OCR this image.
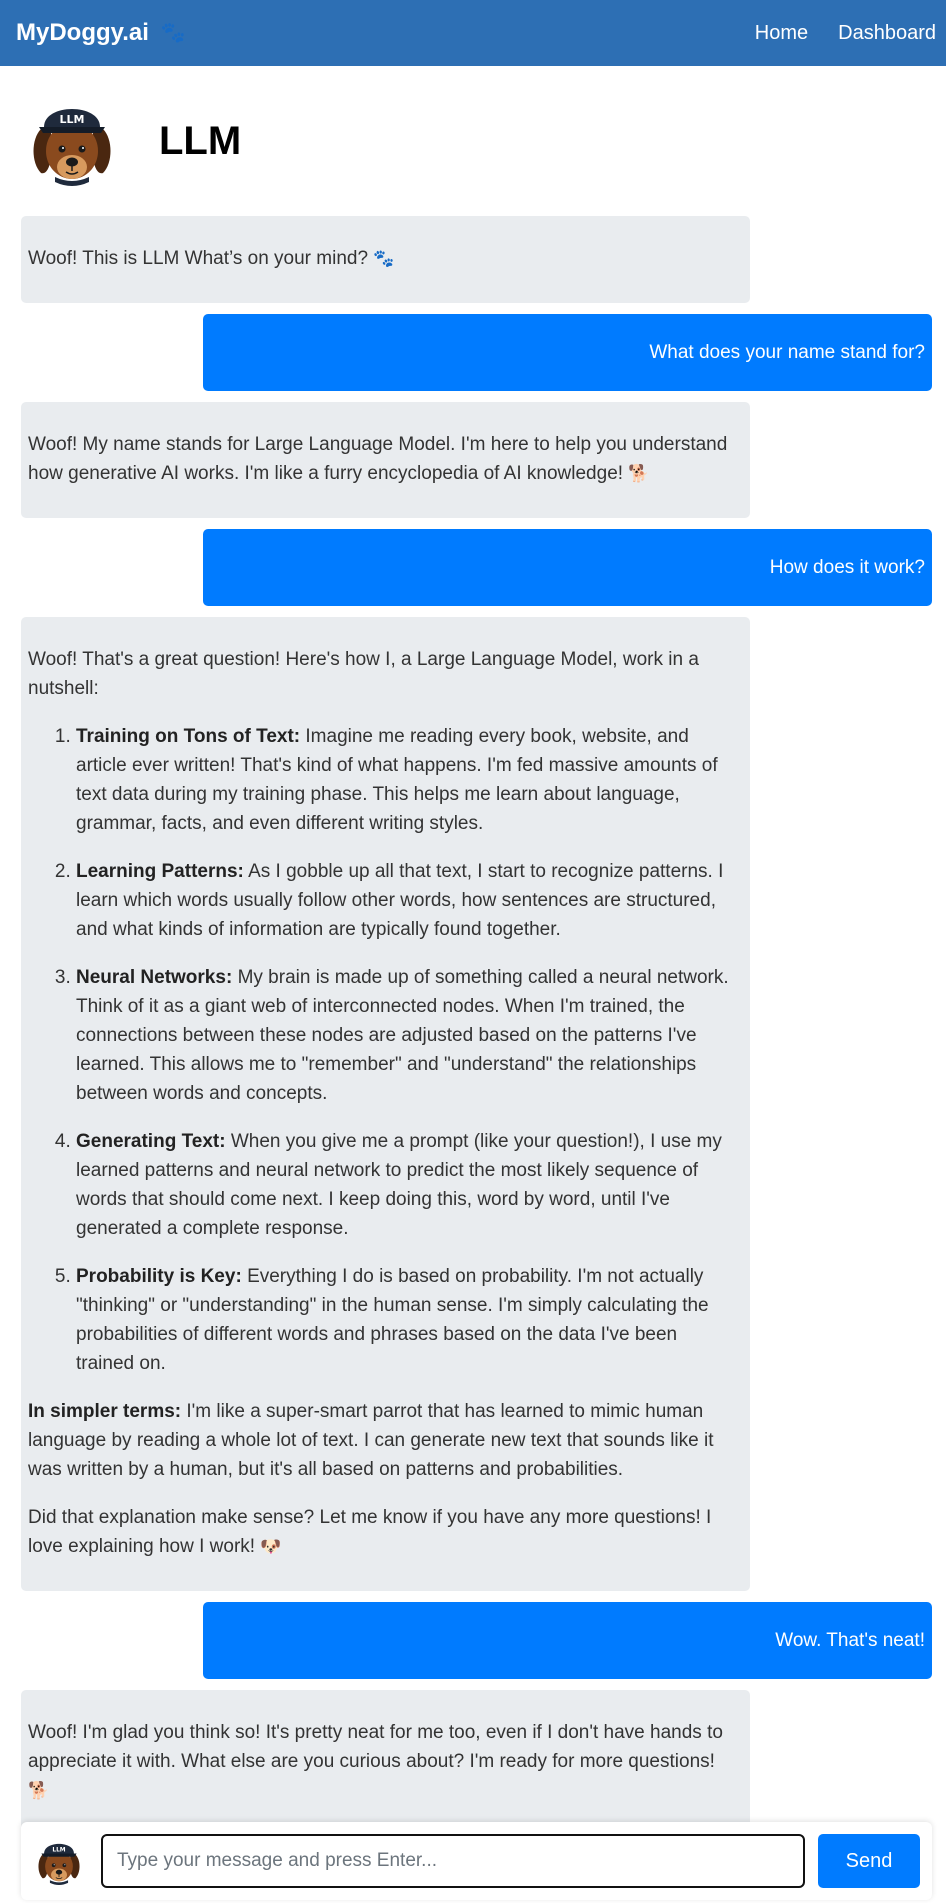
MyDoggy.ai 🐾	Home Dashboard
LLM

Woof! This is LLM What’s on your mind? 🐾

What does your name stand for?

Woof! My name stands for Large Language Model. I'm here to help you understand how generative AI works. I'm like a furry encyclopedia of AI knowledge! 🐕

How does it work?

Woof! That's a great question! Here's how I, a Large Language Model, work in a nutshell:

1. Training on Tons of Text: Imagine me reading every book, website, and article ever written! That's kind of what happens. I'm fed massive amounts of text data during my training phase. This helps me learn about language, grammar, facts, and even different writing styles.
2. Learning Patterns: As I gobble up all that text, I start to recognize patterns. I learn which words usually follow other words, how sentences are structured, and what kinds of information are typically found together.
3. Neural Networks: My brain is made up of something called a neural network. Think of it as a giant web of interconnected nodes. When I'm trained, the connections between these nodes are adjusted based on the patterns I've learned. This allows me to "remember" and "understand" the relationships between words and concepts.
4. Generating Text: When you give me a prompt (like your question!), I use my learned patterns and neural network to predict the most likely sequence of words that should come next. I keep doing this, word by word, until I've generated a complete response.
5. Probability is Key: Everything I do is based on probability. I'm not actually "thinking" or "understanding" in the human sense. I'm simply calculating the probabilities of different words and phrases based on the data I've been trained on.

In simpler terms: I'm like a super-smart parrot that has learned to mimic human language by reading a whole lot of text. I can generate new text that sounds like it was written by a human, but it's all based on patterns and probabilities.

Did that explanation make sense? Let me know if you have any more questions! I love explaining how I work! 🐶

Wow. That's neat!

Woof! I'm glad you think so! It's pretty neat for me too, even if I don't have hands to appreciate it with. What else are you curious about? I'm ready for more questions! 🐕

Type your message and press Enter...
Send
